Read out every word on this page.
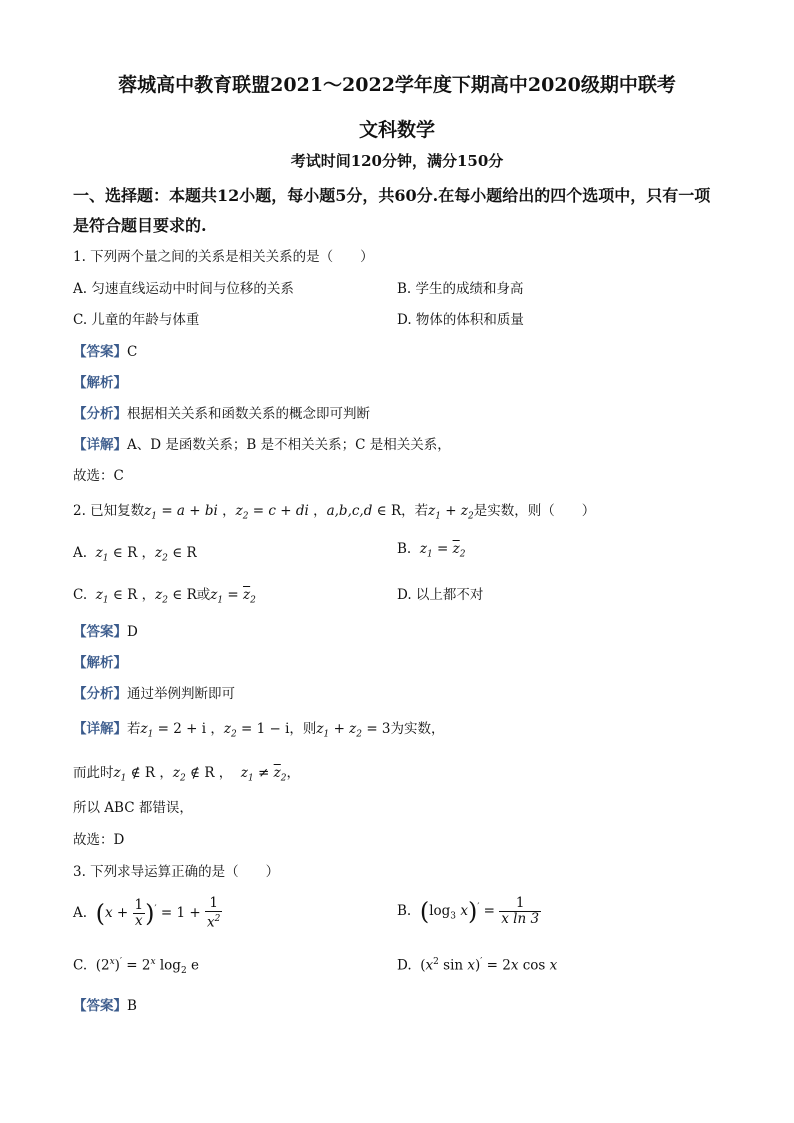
蓉城高中教育联盟2021～2022学年度下期高中2020级期中联考
文科数学
考试时间120分钟，满分150分
一、选择题：本题共12小题，每小题5分，共60分.在每小题给出的四个选项中，只有一项
是符合题目要求的.
1. 下列两个量之间的关系是相关关系的是（　　）
A. 匀速直线运动中时间与位移的关系	B. 学生的成绩和身高
C. 儿童的年龄与体重	D. 物体的体积和质量
【答案】C
【解析】
【分析】根据相关关系和函数关系的概念即可判断
【详解】A、D 是函数关系；B 是不相关关系；C 是相关关系，
故选：C
2. 已知复数$z_1 = a$ + bi ，$z_2 = c$ + di ，a,b,c,d ∈ R，若$z_1 + z_2$是实数，则（　　）
A. $z_1$ ∈ R ，$z_2$ ∈ R	B. $z_1 = \overline{z}_2$
C. $z_1$ ∈ R ，$z_2$ ∈ R或$z_1 = \overline{z}_2$	D. 以上都不对
【答案】D
【解析】
【分析】通过举例判断即可
【详解】若$z_1 = 2 + i$ ，$z_2 = 1 - i$，则$z_1 + z_2 = 3$为实数，
而此时$z_1$ ∉ R ，$z_2$ ∉ R ，  $z_1 \ne \overline{z}_2$，
所以 ABC 都错误，
故选：D
3. 下列求导运算正确的是（　　）
A. $(x + \frac{1}{x} )' = 1 + \frac{1}{x^2}$	B. ($\log_3$ $x)' = \frac{1}{\text{x ln 3}}$
C.  $(2^x)' = 2^x$ $\log_2 e$	D.  ($x^2$ sin x)′ = 2x cos x
【答案】B
